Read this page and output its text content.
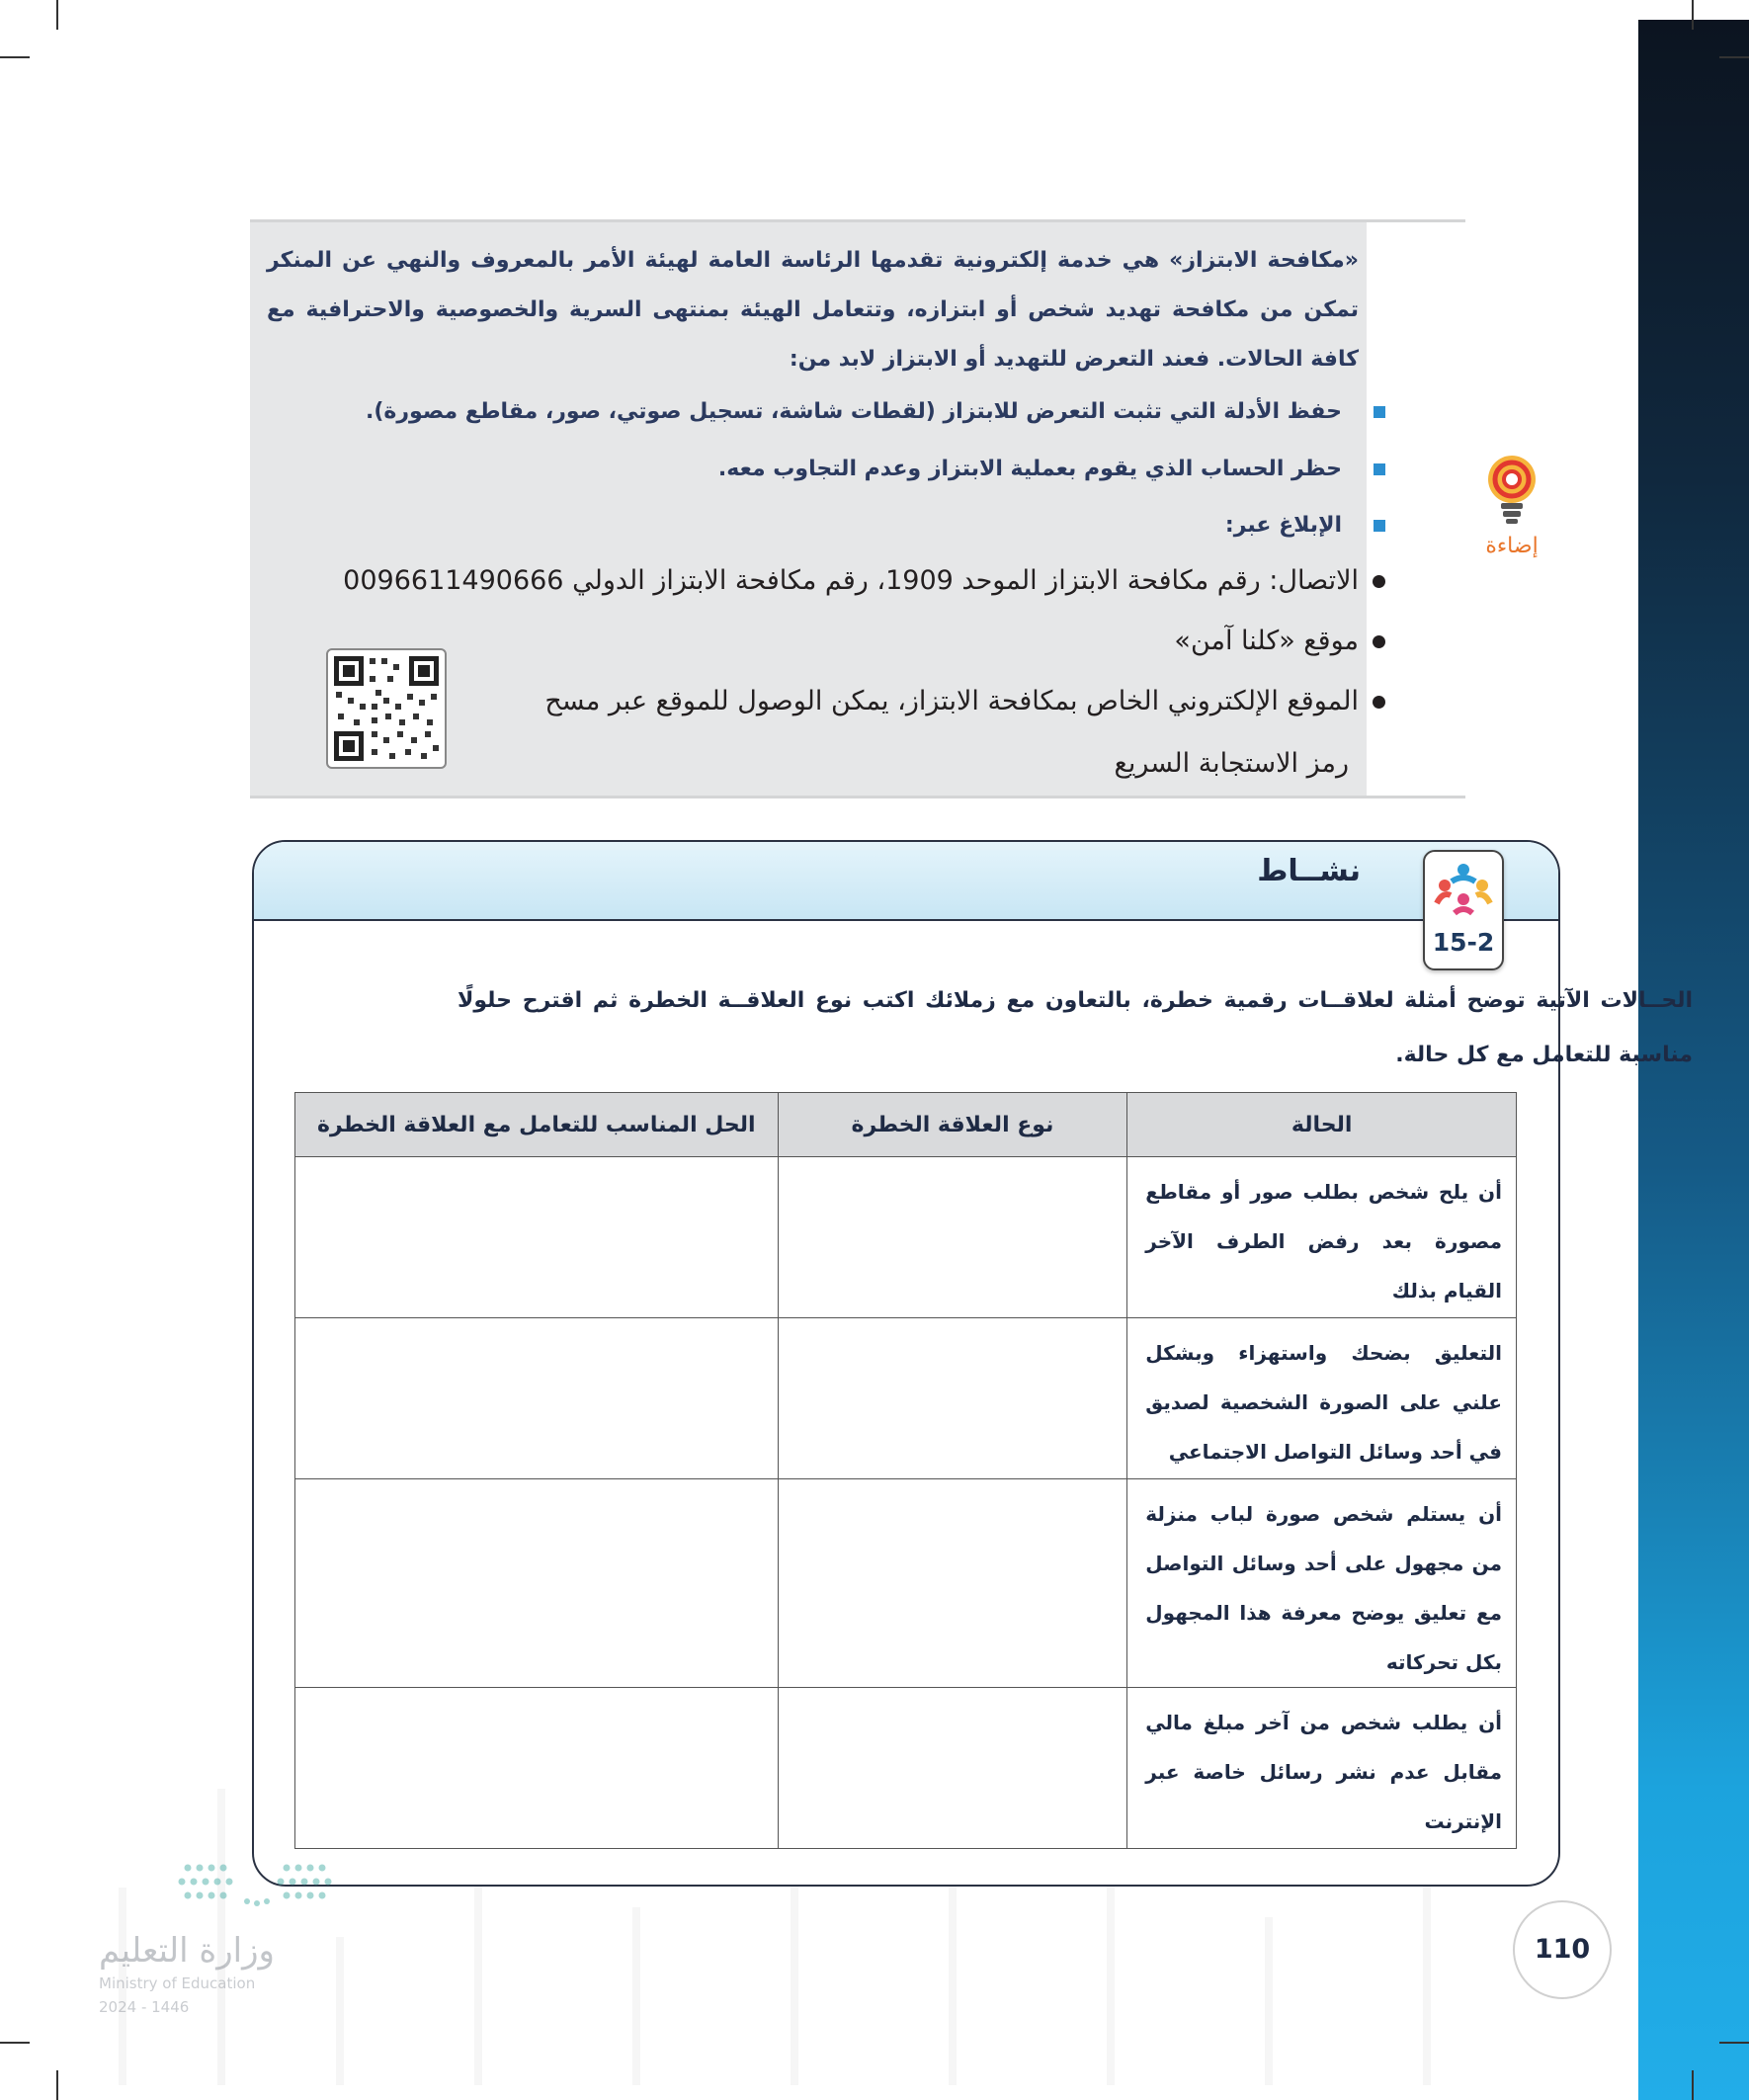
«مكافحة الابتزاز» هي خدمة إلكترونية تقدمها الرئاسة العامة لهيئة الأمر بالمعروف والنهي عن المنكر تمكن من مكافحة تهديد شخص أو ابتزازه، وتتعامل الهيئة بمنتهى السرية والخصوصية والاحترافية مع كافة الحالات. فعند التعرض للتهديد أو الابتزاز لابد من:
حفظ الأدلة التي تثبت التعرض للابتزاز (لقطات شاشة، تسجيل صوتي، صور، مقاطع مصورة).
حظر الحساب الذي يقوم بعملية الابتزاز وعدم التجاوب معه.
الإبلاغ عبر:
الاتصال: رقم مكافحة الابتزاز الموحد 1909، رقم مكافحة الابتزاز الدولي 0096611490666
موقع «كلنا آمن»
الموقع الإلكتروني الخاص بمكافحة الابتزاز، يمكن الوصول للموقع عبر مسح
رمز الاستجابة السريع
إضاءة
نشــاط
15-2
الحــالات الآتية توضح أمثلة لعلاقــات رقمية خطرة، بالتعاون مع زملائك اكتب نوع العلاقــة الخطرة ثم اقترح حلولًا مناسبة للتعامل مع كل حالة.
الحالة	نوع العلاقة الخطرة	الحل المناسب للتعامل مع العلاقة الخطرة
أن يلح شخص بطلب صور أو مقاطع مصورة بعد رفض الطرف الآخر القيام بذلك		
التعليق بضحك واستهزاء وبشكل علني على الصورة الشخصية لصديق في أحد وسائل التواصل الاجتماعي		
أن يستلم شخص صورة لباب منزلة من مجهول على أحد وسائل التواصل مع تعليق يوضح معرفة هذا المجهول بكل تحركاته		
أن يطلب شخص من آخر مبلغ مالي مقابل عدم نشر رسائل خاصة عبر الإنترنت		
110
وزارة التعليم
Ministry of Education
2024 - 1446
